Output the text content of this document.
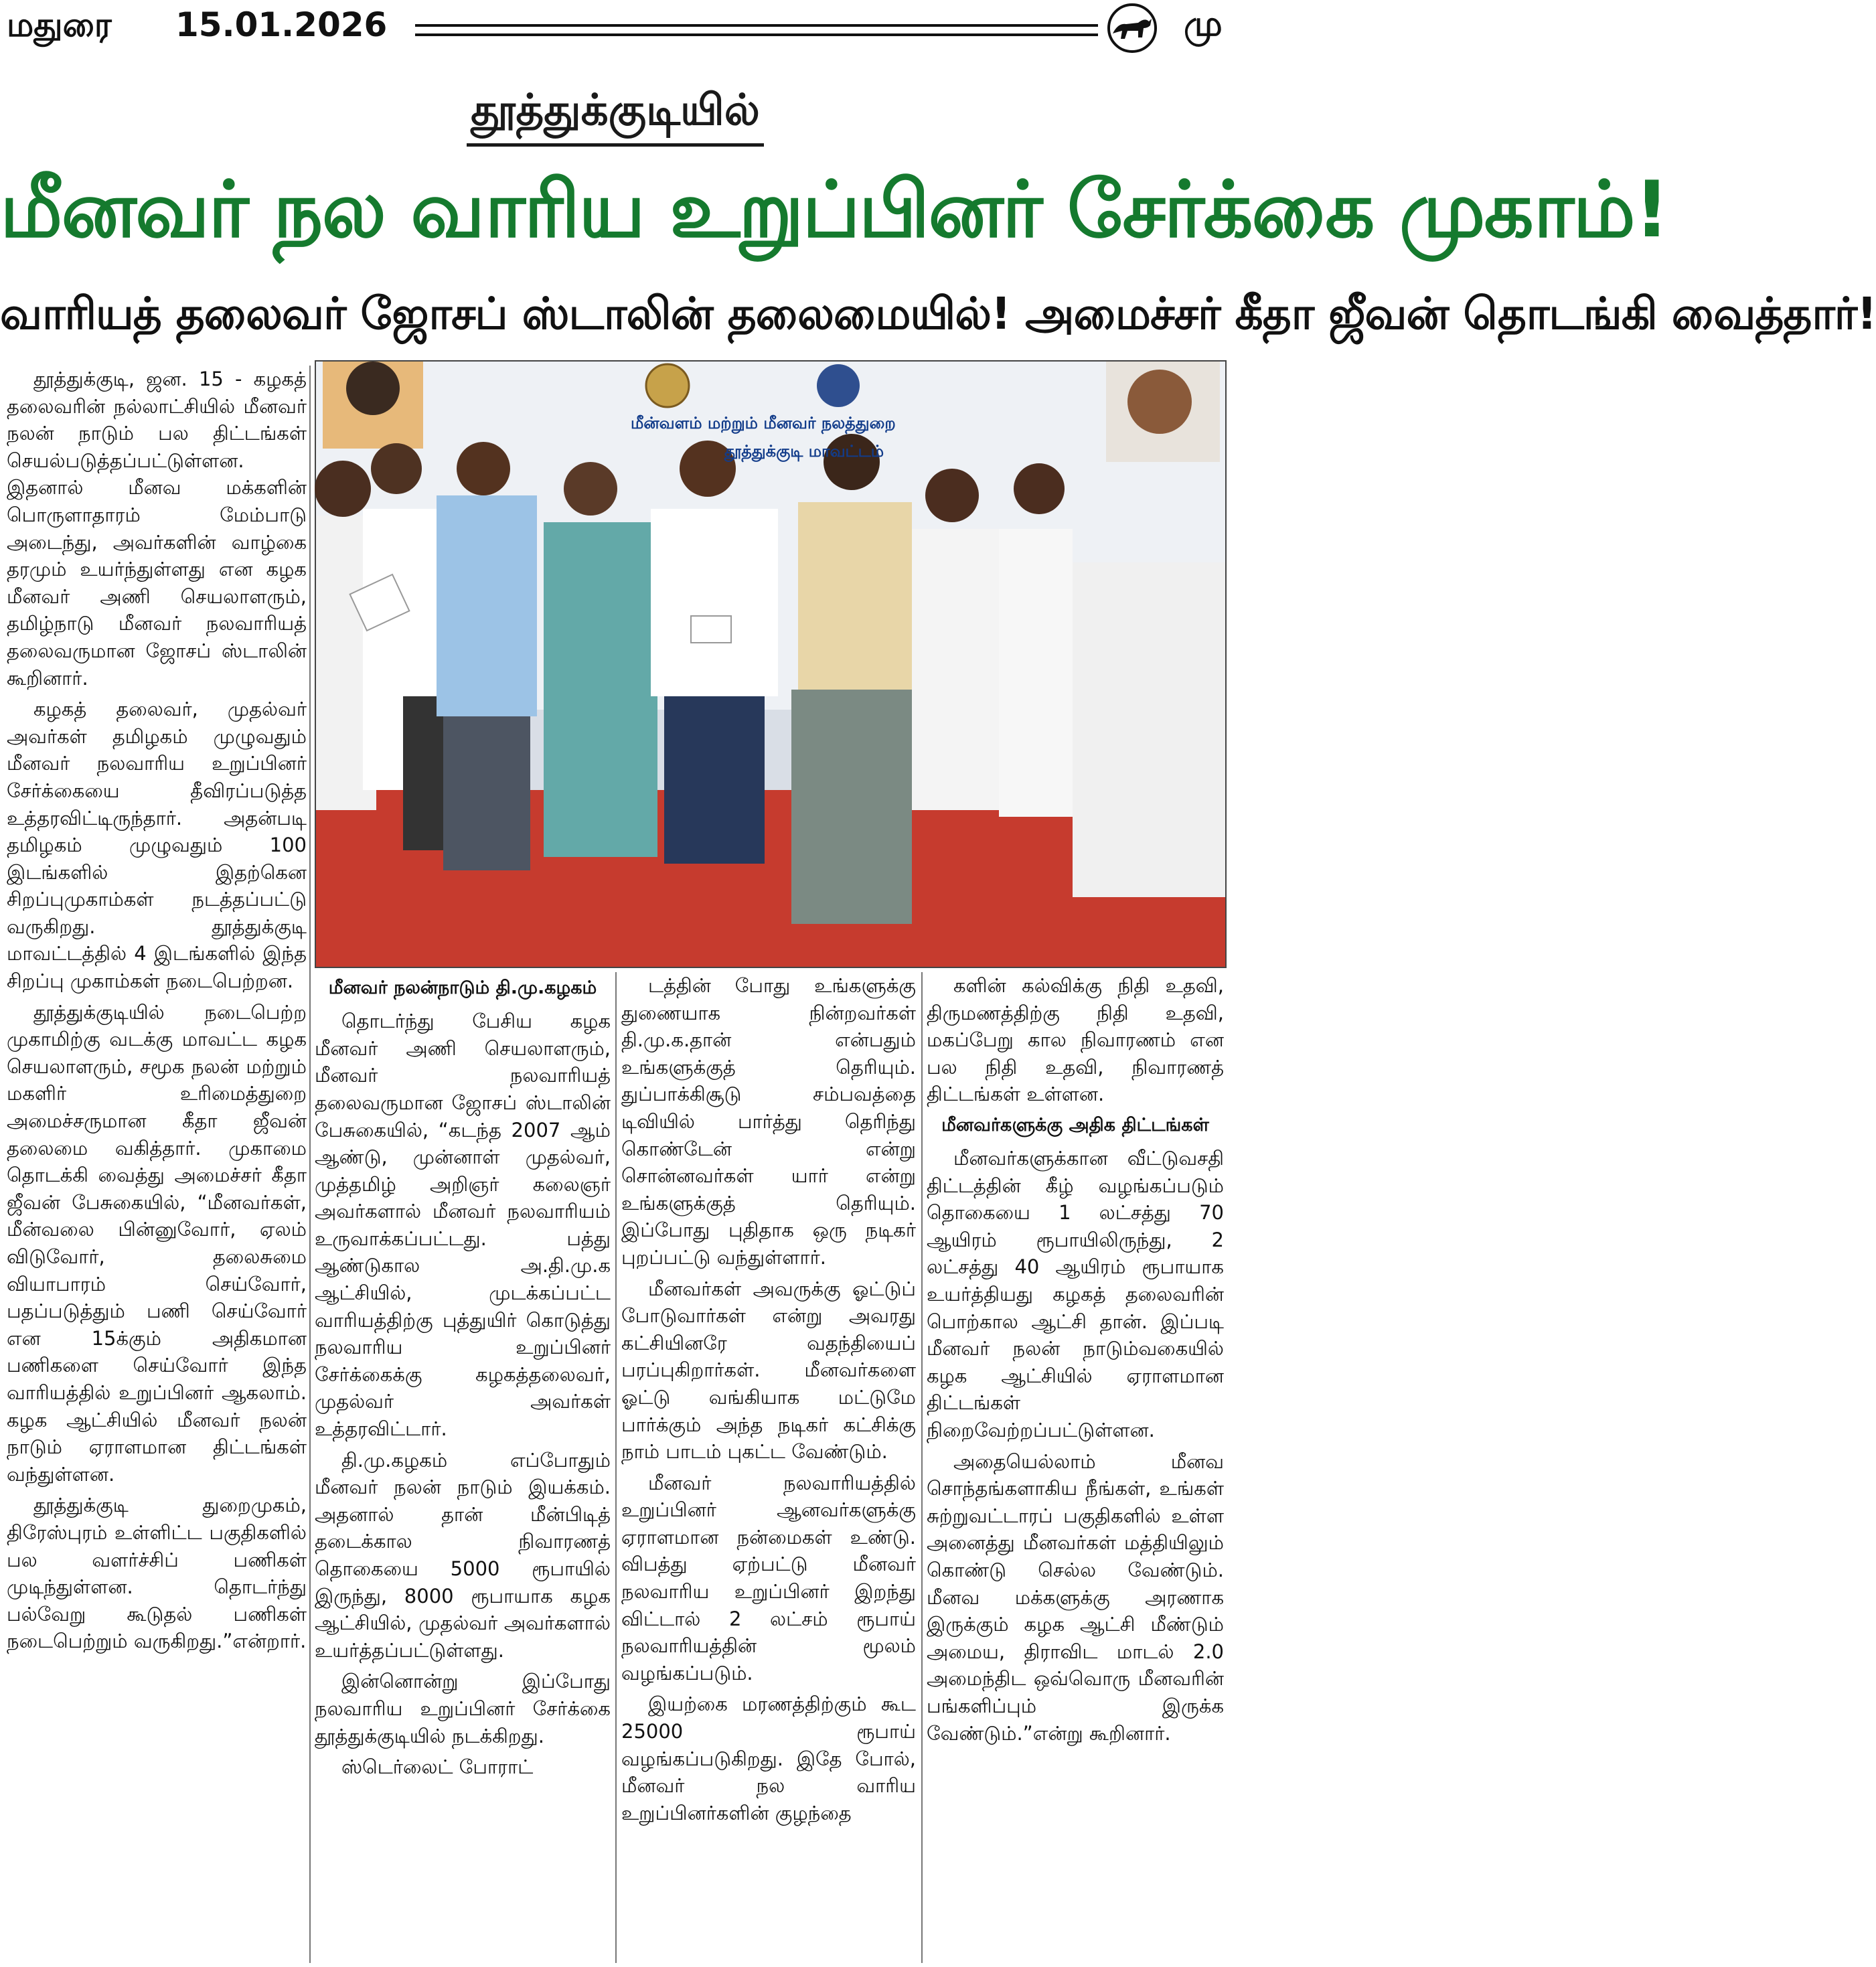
மதுரை 15.01.2026	மு
தூத்துக்குடியில்
மீனவர் நல வாரிய உறுப்பினர் சேர்க்கை முகாம்!
வாரியத் தலைவர் ஜோசப் ஸ்டாலின் தலைமையில்! அமைச்சர் கீதா ஜீவன் தொடங்கி வைத்தார்!
மீன்வளம் மற்றும் மீனவர் நலத்துறை
தூத்துக்குடி மாவட்டம்

தூத்துக்குடி, ஜன. 15 - கழகத் தலைவரின் நல்லாட்சியில் மீனவர் நலன் நாடும் பல திட்டங்கள் செயல்படுத்தப்பட்டுள்ளன. இதனால் மீனவ மக்களின் பொருளாதாரம் மேம்பாடு அடைந்து, அவர்களின் வாழ்கை தரமும் உயர்ந்துள்ளது என கழக மீனவர் அணி செயலாளரும், தமிழ்நாடு மீனவர் நலவாரியத் தலைவருமான ஜோசப் ஸ்டாலின் கூறினார்.

கழகத் தலைவர், முதல்வர் அவர்கள் தமிழகம் முழுவதும் மீனவர் நலவாரிய உறுப்பினர் சேர்க்கையை தீவிரப்படுத்த உத்தரவிட்டிருந்தார். அதன்படி தமிழகம் முழுவதும் 100 இடங்களில் இதற்கென சிறப்புமுகாம்கள் நடத்தப்பட்டு வருகிறது. தூத்துக்குடி மாவட்டத்தில் 4 இடங்களில் இந்த சிறப்பு முகாம்கள் நடைபெற்றன.

தூத்துக்குடியில் நடைபெற்ற முகாமிற்கு வடக்கு மாவட்ட கழக செயலாளரும், சமூக நலன் மற்றும் மகளிர் உரிமைத்துறை அமைச்சருமான கீதா ஜீவன் தலைமை வகித்தார். முகாமை தொடக்கி வைத்து அமைச்சர் கீதா ஜீவன் பேசுகையில், “மீனவர்கள், மீன்வலை பின்னுவோர், ஏலம் விடுவோர், தலைசுமை வியாபாரம் செய்வோர், பதப்படுத்தும் பணி செய்வோர் என 15க்கும் அதிகமான பணிகளை செய்வோர் இந்த வாரியத்தில் உறுப்பினர் ஆகலாம். கழக ஆட்சியில் மீனவர் நலன் நாடும் ஏராளமான திட்டங்கள் வந்துள்ளன.

தூத்துக்குடி துறைமுகம், திரேஸ்புரம் உள்ளிட்ட பகுதிகளில் பல வளர்ச்சிப் பணிகள் முடிந்துள்ளன. தொடர்ந்து பல்வேறு கூடுதல் பணிகள் நடைபெற்றும் வருகிறது.”என்றார்.

மீனவர் நலன்நாடும் தி.மு.கழகம்

தொடர்ந்து பேசிய கழக மீனவர் அணி செயலாளரும், மீனவர் நலவாரியத் தலைவருமான ஜோசப் ஸ்டாலின் பேசுகையில், “கடந்த 2007 ஆம் ஆண்டு, முன்னாள் முதல்வர், முத்தமிழ் அறிஞர் கலைஞர் அவர்களால் மீனவர் நலவாரியம் உருவாக்கப்பட்டது. பத்து ஆண்டுகால அ.தி.மு.க ஆட்சியில், முடக்கப்பட்ட வாரியத்திற்கு புத்துயிர் கொடுத்து நலவாரிய உறுப்பினர் சேர்க்கைக்கு கழகத்தலைவர், முதல்வர் அவர்கள் உத்தரவிட்டார்.

தி.மு.கழகம் எப்போதும் மீனவர் நலன் நாடும் இயக்கம். அதனால் தான் மீன்பிடித் தடைக்கால நிவாரணத் தொகையை 5000 ரூபாயில் இருந்து, 8000 ரூபாயாக கழக ஆட்சியில், முதல்வர் அவர்களால் உயர்த்தப்பட்டுள்ளது.

இன்னொன்று இப்போது நலவாரிய உறுப்பினர் சேர்க்கை தூத்துக்குடியில் நடக்கிறது.

ஸ்டெர்லைட் போராட்

டத்தின் போது உங்களுக்கு துணையாக நின்றவர்கள் தி.மு.க.தான் என்பதும் உங்களுக்குத் தெரியும். துப்பாக்கிசூடு சம்பவத்தை டிவியில் பார்த்து தெரிந்து கொண்டேன் என்று சொன்னவர்கள் யார் என்று உங்களுக்குத் தெரியும். இப்போது புதிதாக ஒரு நடிகர் புறப்பட்டு வந்துள்ளார்.

மீனவர்கள் அவருக்கு ஓட்டுப் போடுவார்கள் என்று அவரது கட்சியினரே வதந்தியைப் பரப்புகிறார்கள். மீனவர்களை ஓட்டு வங்கியாக மட்டுமே பார்க்கும் அந்த நடிகர் கட்சிக்கு நாம் பாடம் புகட்ட வேண்டும்.

மீனவர் நலவாரியத்தில் உறுப்பினர் ஆனவர்களுக்கு ஏராளமான நன்மைகள் உண்டு. விபத்து ஏற்பட்டு மீனவர் நலவாரிய உறுப்பினர் இறந்து விட்டால் 2 லட்சம் ரூபாய் நலவாரியத்தின் மூலம் வழங்கப்படும்.

இயற்கை மரணத்திற்கும் கூட 25000 ரூபாய் வழங்கப்படுகிறது. இதே போல், மீனவர் நல வாரிய உறுப்பினர்களின் குழந்தை

களின் கல்விக்கு நிதி உதவி, திருமணத்திற்கு நிதி உதவி, மகப்பேறு கால நிவாரணம் என பல நிதி உதவி, நிவாரணத் திட்டங்கள் உள்ளன.

மீனவர்களுக்கு அதிக திட்டங்கள்

மீனவர்களுக்கான வீட்டுவசதி திட்டத்தின் கீழ் வழங்கப்படும் தொகையை 1 லட்சத்து 70 ஆயிரம் ரூபாயிலிருந்து, 2 லட்சத்து 40 ஆயிரம் ரூபாயாக உயர்த்தியது கழகத் தலைவரின் பொற்கால ஆட்சி தான். இப்படி மீனவர் நலன் நாடும்வகையில் கழக ஆட்சியில் ஏராளமான திட்டங்கள் நிறைவேற்றப்பட்டுள்ளன.

அதையெல்லாம் மீனவ சொந்தங்களாகிய நீங்கள், உங்கள் சுற்றுவட்டாரப் பகுதிகளில் உள்ள அனைத்து மீனவர்கள் மத்தியிலும் கொண்டு செல்ல வேண்டும். மீனவ மக்களுக்கு அரணாக இருக்கும் கழக ஆட்சி மீண்டும் அமைய, திராவிட மாடல் 2.0 அமைந்திட ஒவ்வொரு மீனவரின் பங்களிப்பும் இருக்க வேண்டும்.”என்று கூறினார்.
